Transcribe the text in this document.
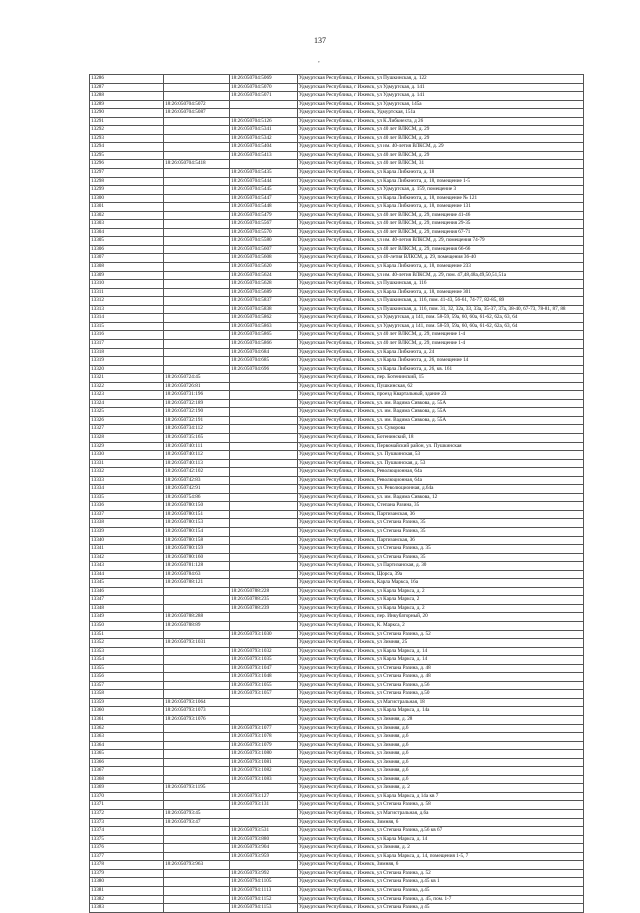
137
,
13286		18:26:050704:5069	Удмуртская Республика, г Ижевск, ул Пушкинская, д. 122
13287		18:26:050704:5070	Удмуртская Республика, г Ижевск, ул Удмуртская, д. 141
13288		18:26:050704:5071	Удмуртская Республика, г Ижевск, ул Удмуртская, д. 141
13289	18:26:050704:5072		Удмуртская Республика, г Ижевск, ул Удмуртская, 145а
13290	18:26:050704:5087		Удмуртская Республика, г Ижевск, Удмуртская, 151а
13291		18:26:050704:5126	Удмуртская Республика, г Ижевск, ул К.Либкнехта, д 26
13292		18:26:050704:5341	Удмуртская Республика, г Ижевск, ул 40 лет ВЛКСМ, д. 29
13293		18:26:050704:5342	Удмуртская Республика, г Ижевск, ул 40 лет ВЛКСМ, д. 29
13294		18:26:050704:5404	Удмуртская Республика, г Ижевск, ул им. 40-летия ВЛКСМ, д. 29
13295		18:26:050704:5413	Удмуртская Республика, г Ижевск, ул 40 лет ВЛКСМ, д. 29
13296	18:26:050704:5418		Удмуртская Республика, г Ижевск, ул 40 лет ВЛКСМ, 31
13297		18:26:050704:5435	Удмуртская Республика, г Ижевск, ул Карла Либкнехта, д. 18
13298		18:26:050704:5444	Удмуртская Республика, г Ижевск, ул Карла Либкнехта, д. 18, помещение 1-5
13299		18:26:050704:5445	Удмуртская Республика, г Ижевск, ул Удмуртская, д. 159, помещение 3
13300		18:26:050704:5447	Удмуртская Республика, г Ижевск, ул Карла Либкнехта, д. 18, помещение № 121
13301		18:26:050704:5448	Удмуртская Республика, г Ижевск, ул Карла Либкнехта, д. 18, помещение 131
13302		18:26:050704:5479	Удмуртская Республика, г Ижевск, ул 40 лет ВЛКСМ, д. 29, помещение 41-46
13303		18:26:050704:5567	Удмуртская Республика, г Ижевск, ул 40 лет ВЛКСМ, д. 29, помещения 29-35
13304		18:26:050704:5570	Удмуртская Республика, г Ижевск, ул 40 лет ВЛКСМ, д. 29, помещения 67-71
13305		18:26:050704:5580	Удмуртская Республика, г Ижевск, ул им. 40-летия ВЛКСМ, д. 29, помещения 74-79
13306		18:26:050704:5607	Удмуртская Республика, г Ижевск, ул 40 лет ВЛКСМ, д. 29, помещения 66-66
13307		18:26:050704:5608	Удмуртская Республика, г Ижевск, ул 40-летия ВЛКСМ, д. 29, помещения 36-40
13308		18:26:050704:5620	Удмуртская Республика, г Ижевск, ул Карла Либкнехта, д. 18, помещение 233
13309		18:26:050704:5624	Удмуртская Республика, г Ижевск, ул им. 40-летия ВЛКСМ, д. 29, пом. 47,48,48а,49,50,51,51а
13310		18:26:050704:5628	Удмуртская Республика, г Ижевск, ул Пушкинская, д. 116
13311		18:26:050704:5689	Удмуртская Республика, г Ижевск, ул Карла Либкнехта, д. 18, помещение 301
13312		18:26:050704:5837	Удмуртская Республика, г Ижевск, ул Пушкинская, д. 116, пом. 41-43, 56-61, 74-77, 82-85, 89
13313		18:26:050704:5838	Удмуртская Республика, г Ижевск, ул Пушкинская, д. 116, пом. 31, 32, 32а, 33, 33а, 35-37, 37а, 38-40, 67-73, 78-81, 87, 88
13314		18:26:050704:5862	Удмуртская Республика, г Ижевск, ул Удмуртская, д 141, пом. 58-59, 59а, 60, 60а, 61-62, 62а, 63, 64
13315		18:26:050704:5863	Удмуртская Республика, г Ижевск, ул Удмуртская, д 141, пом. 58-59, 59а, 60, 60а, 61-62, 62а, 63, 64
13316		18:26:050704:5865	Удмуртская Республика, г Ижевск, ул 40 лет ВЛКСМ, д. 29, помещение 1-4
13317		18:26:050704:5866	Удмуртская Республика, г Ижевск, ул 40 лет ВЛКСМ, д. 29, помещение 1-4
13318		18:26:050704:684	Удмуртская Республика, г Ижевск, ул Карла Либкнехта, д. 24
13319		18:26:050704:685	Удмуртская Республика, г Ижевск, ул Карла Либкнехта, д. 26, помещение 14
13320		18:26:050704:696	Удмуртская Республика, г Ижевск, ул Карла Либкнехта, д. 26, кв. 161
13321	18:26:050724:45		Удмуртская Республика, г Ижевск, пер. Ботенинский, 15
13322	18:26:050726:81		Удмуртская Республика, г Ижевск, Пушкинская, 62
13323	18:26:050731:196		Удмуртская Республика, г Ижевск, проезд Квартальный, здание 23
13324	18:26:050732:189		Удмуртская Республика, г Ижевск, ул. им. Вадима Сивкова, д. 55А
13325	18:26:050732:190		Удмуртская Республика, г Ижевск, ул. им. Вадима Сивкова, д. 55А
13326	18:26:050732:191		Удмуртская Республика, г Ижевск, ул. им. Вадима Сивкова, д. 55А
13327	18:26:050734:112		Удмуртская Республика, г Ижевск, ул. Суворова
13328	18:26:050735:165		Удмуртская Республика, г Ижевск, Ботенинский, 18
13329	18:26:050740:111		Удмуртская Республика, г Ижевск, Первомайский район, ул. Пушкинская
13330	18:26:050740:112		Удмуртская Республика, г Ижевск, ул. Пушкинская, 53
13331	18:26:050740:113		Удмуртская Республика, г Ижевск, ул. Пушкинская, д. 53
13332	18:26:050742:102		Удмуртская Республика, г Ижевск, Революционная, 64а
13333	18:26:050742:83		Удмуртская Республика, г Ижевск, Революционная, 64а
13334	18:26:050742:91		Удмуртская Республика, г Ижевск, ул. Революционная, д.64а
13335	18:26:050754:86		Удмуртская Республика, г Ижевск, ул. им. Вадима Сивкова, 12
13336	18:26:050780:150		Удмуртская Республика, г Ижевск, Степана Разина, 35
13337	18:26:050780:151		Удмуртская Республика, г Ижевск, Партизанская, 36
13338	18:26:050780:153		Удмуртская Республика, г Ижевск, ул Степана Разина, 35
13339	18:26:050780:154		Удмуртская Республика, г Ижевск, ул Степана Разина, 35
13340	18:26:050780:158		Удмуртская Республика, г Ижевск, Партизанская, 36
13341	18:26:050780:159		Удмуртская Республика, г Ижевск, ул Степана Разина, д. 35
13342	18:26:050780:160		Удмуртская Республика, г Ижевск, ул Степана Разина, 35
13343	18:26:050781:128		Удмуртская Республика, г Ижевск, ул Партизанская, д. 30
13344	18:26:050784:63		Удмуртская Республика, г Ижевск, Щорса, 39а
13345	18:26:050788:121		Удмуртская Республика, г Ижевск, Карла Маркса, 16а
13346		18:26:050788:228	Удмуртская Республика, г Ижевск, ул Карла Маркса, д. 2
13347		18:26:050788:235	Удмуртская Республика, г Ижевск, ул Карла Маркса, 2
13348		18:26:050788:239	Удмуртская Республика, г Ижевск, ул Карла Маркса, д. 2
13349	18:26:050788:288		Удмуртская Республика, г Ижевск, пер. Инкубаторный, 20
13350	18:26:050788:89		Удмуртская Республика, г Ижевск, К. Маркса, 2
13351		18:26:050793:1030	Удмуртская Республика, г Ижевск, ул Степана Разина, д. 52
13352	18:26:050793:1031		Удмуртская Республика, г Ижевск, ул Зимняя, 25
13353		18:26:050793:1032	Удмуртская Республика, г Ижевск, ул Карла Маркса, д. 14
13354		18:26:050793:1035	Удмуртская Республика, г Ижевск, ул Карла Маркса, д. 14
13355		18:26:050793:1047	Удмуртская Республика, г Ижевск, ул Степана Разина, д. 48
13356		18:26:050793:1048	Удмуртская Республика, г Ижевск, ул Степана Разина, д. 48
13357		18:26:050793:1055	Удмуртская Республика, г Ижевск, ул Степана Разина, д.56
13358		18:26:050793:1057	Удмуртская Республика, г Ижевск, ул Степана Разина, д.50
13359	18:26:050793:1064		Удмуртская Республика, г Ижевск, ул Магистральная, 18
13360	18:26:050793:1073		Удмуртская Республика, г Ижевск, ул Карла Маркса, д. 14а
13361	18:26:050793:1076		Удмуртская Республика, г Ижевск, ул Зимняя, д. 28
13362		18:26:050793:1077	Удмуртская Республика, г Ижевск, ул Зимняя, д.6
13363		18:26:050793:1078	Удмуртская Республика, г Ижевск, ул Зимняя, д.6
13364		18:26:050793:1079	Удмуртская Республика, г Ижевск, ул Зимняя, д.6
13365		18:26:050793:1080	Удмуртская Республика, г Ижевск, ул Зимняя, д.6
13366		18:26:050793:1081	Удмуртская Республика, г Ижевск, ул Зимняя, д.6
13367		18:26:050793:1082	Удмуртская Республика, г Ижевск, ул Зимняя, д.6
13368		18:26:050793:1083	Удмуртская Республика, г Ижевск, ул Зимняя, д.6
13369	18:26:050793:1195		Удмуртская Республика, г Ижевск, ул Зимняя, д. 2
13370		18:26:050793:127	Удмуртская Республика, г Ижевск, ул Карла Маркса, д 14а кв 7
13371		18:26:050793:131	Удмуртская Республика, г Ижевск, ул Степана Разина, д. 58
13372	18:26:050793:45		Удмуртская Республика, г Ижевск, ул Магистральная, д.6а
13373	18:26:050793:47		Удмуртская Республика, г Ижевск, Зимняя, 6
13374		18:26:050793:531	Удмуртская Республика, г Ижевск, ул Степана Разина, д.56 кв 67
13375		18:26:050793:880	Удмуртская Республика, г Ижевск, ул Карла Маркса, д. 14
13376		18:26:050793:904	Удмуртская Республика, г Ижевск, ул Зимняя, д. 2
13377		18:26:050793:959	Удмуртская Республика, г Ижевск, ул Карла Маркса, д. 14, помещения 1-5, 7
13378	18:26:050793:963		Удмуртская Республика, г Ижевск, Зимняя, 6
13379		18:26:050793:992	Удмуртская Республика, г Ижевск, ул Степана Разина, д. 52
13380		18:26:050794:1105	Удмуртская Республика, г Ижевск, ул Степана Разина, д.45 кв 1
13381		18:26:050794:1113	Удмуртская Республика, г Ижевск, ул Степана Разина, д.45
13382		18:26:050794:1152	Удмуртская Республика, г Ижевск, ул Степана Разина, д. 45, пом. 1-7
13383		18:26:050794:1153	Удмуртская Республика, г Ижевск, ул Степана Разина, д 45
